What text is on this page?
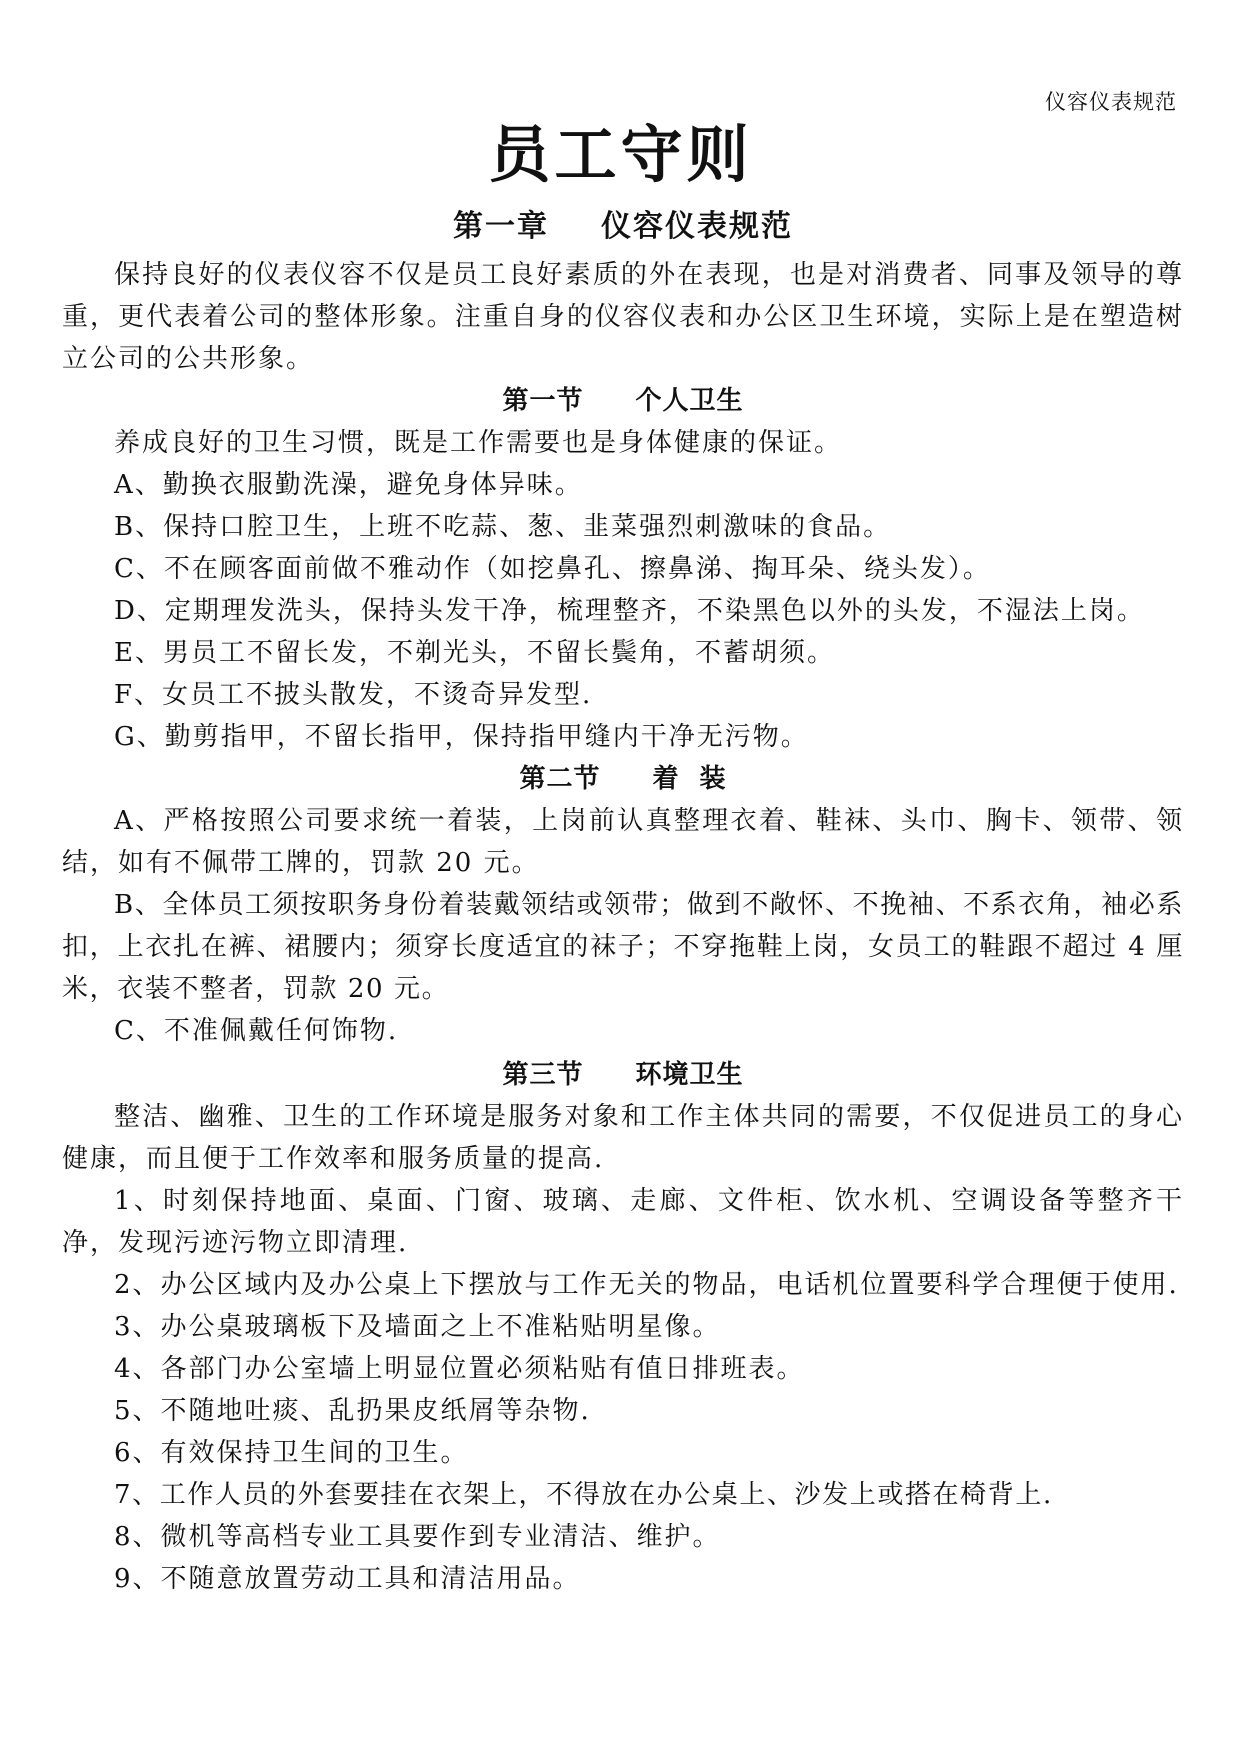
仪容仪表规范
员工守则
第一章 仪容仪表规范

保持良好的仪表仪容不仅是员工良好素质的外在表现，也是对消费者、同事及领导的尊重，更代表着公司的整体形象。注重自身的仪容仪表和办公区卫生环境，实际上是在塑造树立公司的公共形象。

第一节 个人卫生

养成良好的卫生习惯，既是工作需要也是身体健康的保证。

A、勤换衣服勤洗澡，避免身体异味。

B、保持口腔卫生，上班不吃蒜、葱、韭菜强烈刺激味的食品。

C、不在顾客面前做不雅动作（如挖鼻孔、擦鼻涕、掏耳朵、绕头发）。

D、定期理发洗头，保持头发干净，梳理整齐，不染黑色以外的头发，不湿法上岗。

E、男员工不留长发，不剃光头，不留长鬓角，不蓄胡须。

F、女员工不披头散发，不烫奇异发型.

G、勤剪指甲，不留长指甲，保持指甲缝内干净无污物。

第二节 着 装

A、严格按照公司要求统一着装，上岗前认真整理衣着、鞋袜、头巾、胸卡、领带、领结，如有不佩带工牌的，罚款 20 元。

B、全体员工须按职务身份着装戴领结或领带；做到不敞怀、不挽袖、不系衣角，袖必系扣，上衣扎在裤、裙腰内；须穿长度适宜的袜子；不穿拖鞋上岗，女员工的鞋跟不超过 4 厘米，衣装不整者，罚款 20 元。

C、不准佩戴任何饰物.

第三节 环境卫生

整洁、幽雅、卫生的工作环境是服务对象和工作主体共同的需要，不仅促进员工的身心健康，而且便于工作效率和服务质量的提高.

1、时刻保持地面、桌面、门窗、玻璃、走廊、文件柜、饮水机、空调设备等整齐干净，发现污迹污物立即清理.

2、办公区域内及办公桌上下摆放与工作无关的物品，电话机位置要科学合理便于使用.

3、办公桌玻璃板下及墙面之上不准粘贴明星像。

4、各部门办公室墙上明显位置必须粘贴有值日排班表。

5、不随地吐痰、乱扔果皮纸屑等杂物.

6、有效保持卫生间的卫生。

7、工作人员的外套要挂在衣架上，不得放在办公桌上、沙发上或搭在椅背上.

8、微机等高档专业工具要作到专业清洁、维护。

9、不随意放置劳动工具和清洁用品。
